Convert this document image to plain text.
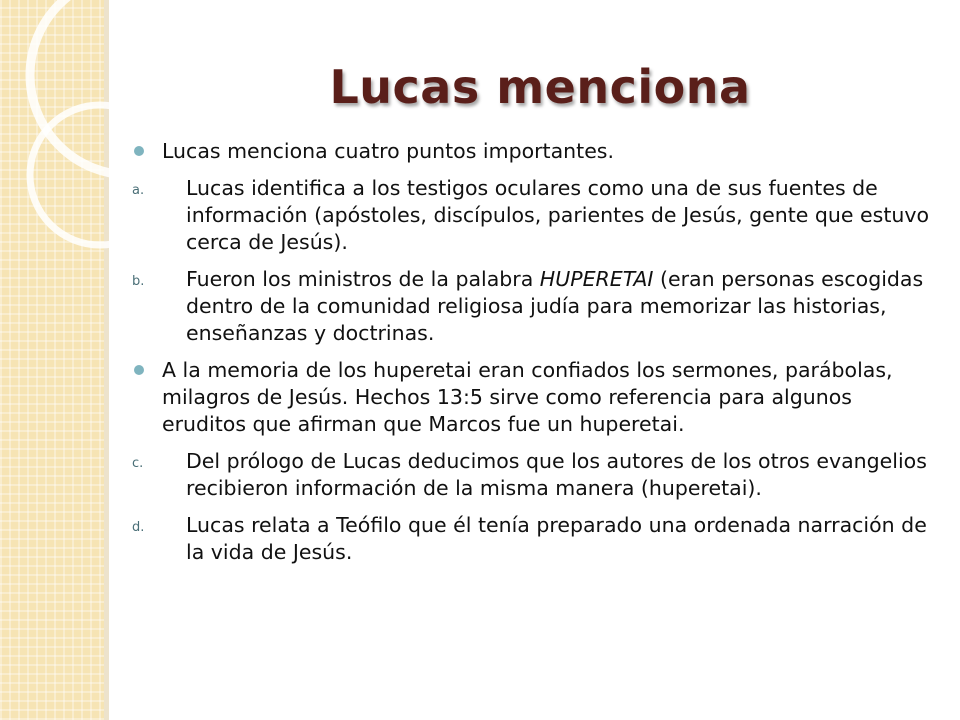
Lucas menciona
Lucas menciona cuatro puntos importantes.
a. Lucas identifica a los testigos oculares como una de sus fuentes de información (apóstoles, discípulos, parientes de Jesús, gente que estuvo cerca de Jesús).
b. Fueron los ministros de la palabra HUPERETAI (eran personas escogidas dentro de la comunidad religiosa judía para memorizar las historias, enseñanzas y doctrinas.
A la memoria de los huperetai eran confiados los sermones, parábolas, milagros de Jesús. Hechos 13:5 sirve como referencia para algunos eruditos que afirman que Marcos fue un huperetai.
c. Del prólogo de Lucas deducimos que los autores de los otros evangelios recibieron información de la misma manera (huperetai).
d. Lucas relata a Teófilo que él tenía preparado una ordenada narración de la vida de Jesús.
